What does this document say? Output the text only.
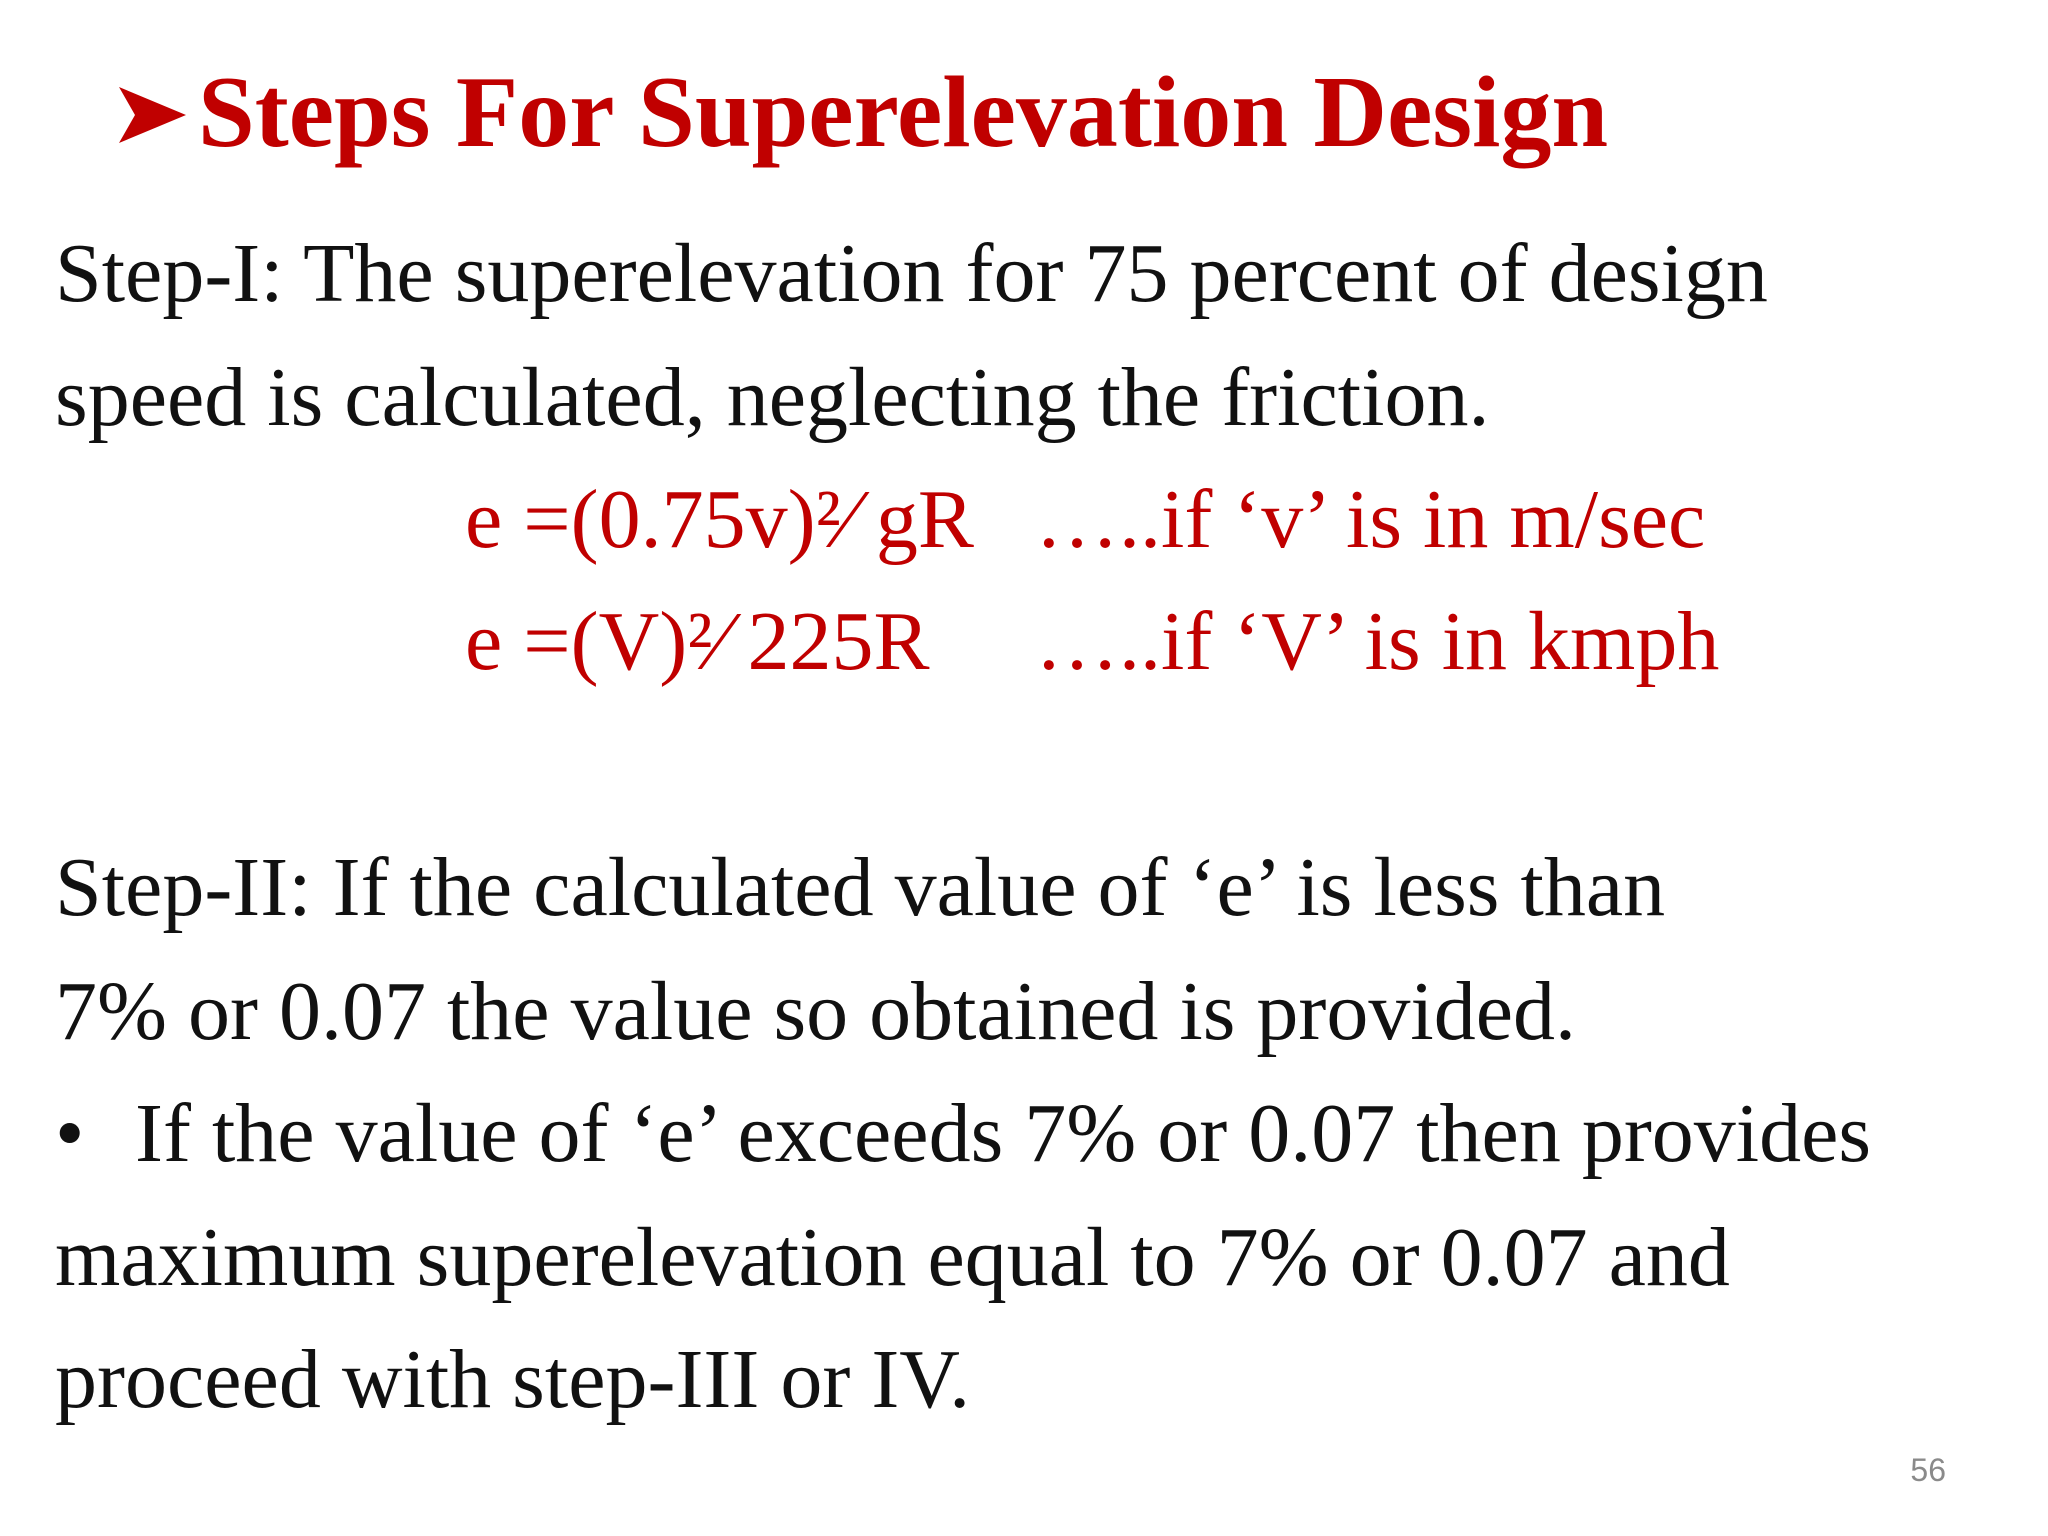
Steps For Superelevation Design
Step-I: The superelevation for 75 percent of design
speed is calculated, neglecting the friction.
e =(0.75v)²⁄ gR …..if ‘v’ is in m/sec
e =(V)²⁄ 225R …..if ‘V’ is in kmph
Step-II: If the calculated value of ‘e’ is less than
7% or 0.07 the value so obtained is provided.
• If the value of ‘e’ exceeds 7% or 0.07 then provides
maximum superelevation equal to 7% or 0.07 and
proceed with step-III or IV.
56
